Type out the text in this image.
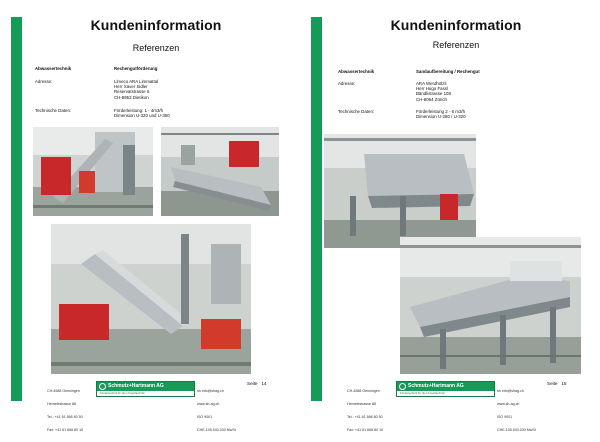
Kundeninformation
Referenzen
Abwassertechnik	Rechengutförderung
Adresse:	Limeco ARA Limmattal
Herr Xaver Sidler
Reservatstrasse 5
CH-8953 Dietikon
Technische Daten:	Förderleistung: 1 - 4m3/h
Dimension U-320 und U-350

CH-4588 Oensingen

Hemelestrasse 88

Tel.: +41 61 666 80 50

Fax: +41 61 666 80 10

Schmutz+Hartmann AG
Fördertechnik für die Umwelttechnik

sh info@shag.ch

www.sh-ag.ch

ISO 9001

CHE-105.543.030 MwSt

Seite 14
Kundeninformation
Referenzen
Abwassertechnik	Sandaufbereitung / Rechengut
Adresse:	ARA Werdhölzli
Herr Hugo Fassl
Bändlistrasse 108
CH-8064 Zürich
Technische Daten:	Förderleistung 2 - 6 m3/h
Dimension U-280 / U-320

CH-4588 Oensingen

Hemelestrasse 88

Tel.: +41 61 666 80 50

Fax: +41 61 666 80 10

Schmutz+Hartmann AG
Fördertechnik für die Umwelttechnik

sh info@shag.ch

www.sh-ag.ch

ISO 9001

CHE-105.543.030 MwSt

Seite 15
